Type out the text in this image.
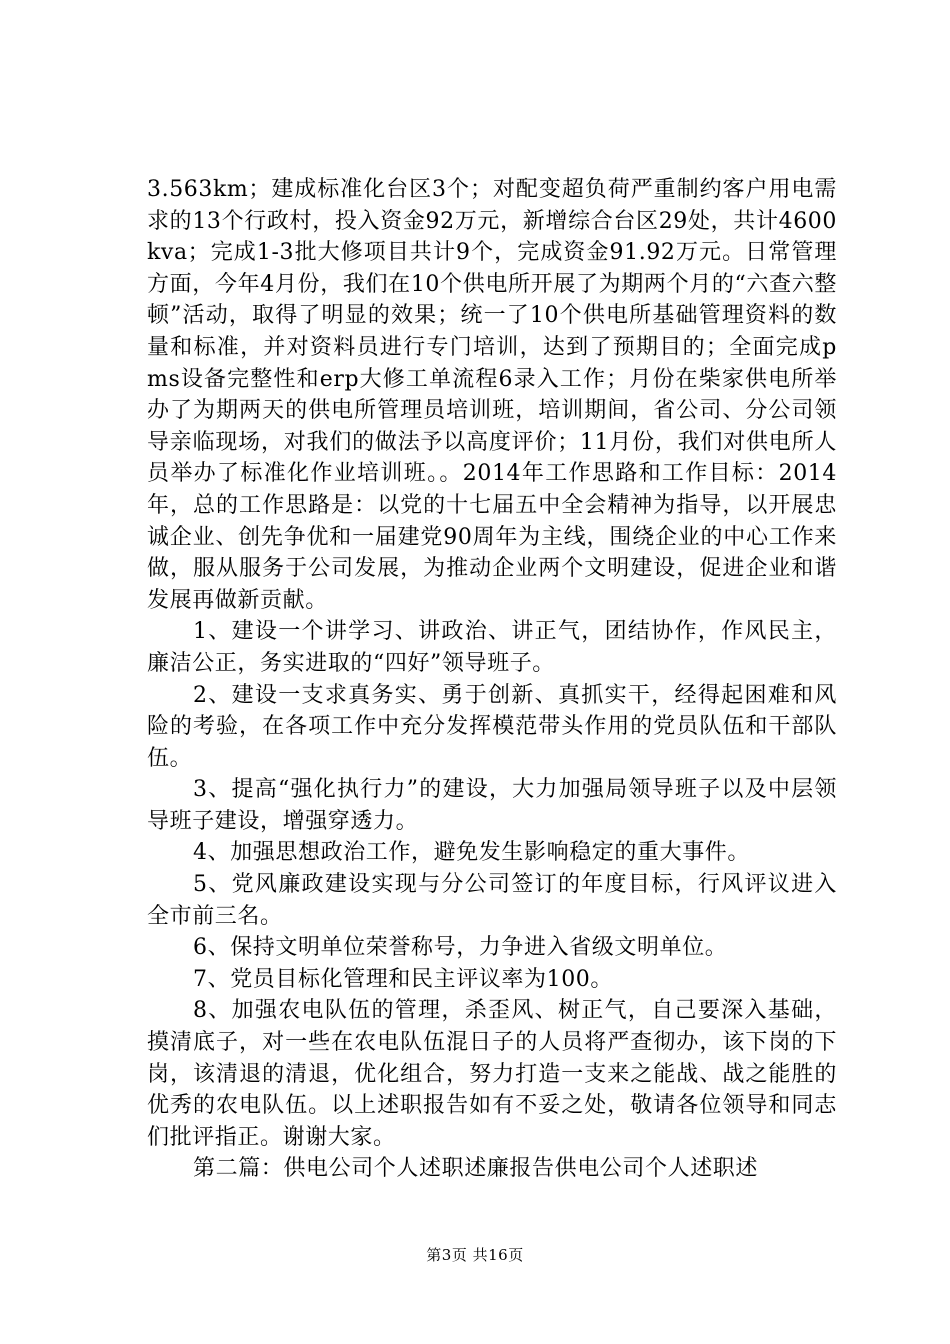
3.563km；建成标准化台区3个；对配变超负荷严重制约客户用电需求的13个行政村，投入资金92万元，新增综合台区29处，共计4600kva；完成1-3批大修项目共计9个，完成资金91.92万元。日常管理方面，今年4月份，我们在10个供电所开展了为期两个月的“六查六整顿”活动，取得了明显的效果；统一了10个供电所基础管理资料的数量和标准，并对资料员进行专门培训，达到了预期目的；全面完成pms设备完整性和erp大修工单流程6录入工作；月份在柴家供电所举办了为期两天的供电所管理员培训班，培训期间，省公司、分公司领导亲临现场，对我们的做法予以高度评价；11月份，我们对供电所人员举办了标准化作业培训班。。2014年工作思路和工作目标：2014年，总的工作思路是：以党的十七届五中全会精神为指导，以开展忠诚企业、创先争优和一届建党90周年为主线，围绕企业的中心工作来做，服从服务于公司发展，为推动企业两个文明建设，促进企业和谐发展再做新贡献。

1、建设一个讲学习、讲政治、讲正气，团结协作，作风民主，廉洁公正，务实进取的“四好”领导班子。

2、建设一支求真务实、勇于创新、真抓实干，经得起困难和风险的考验，在各项工作中充分发挥模范带头作用的党员队伍和干部队伍。

3、提高“强化执行力”的建设，大力加强局领导班子以及中层领导班子建设，增强穿透力。

4、加强思想政治工作，避免发生影响稳定的重大事件。

5、党风廉政建设实现与分公司签订的年度目标，行风评议进入全市前三名。

6、保持文明单位荣誉称号，力争进入省级文明单位。

7、党员目标化管理和民主评议率为100。

8、加强农电队伍的管理，杀歪风、树正气，自己要深入基础，摸清底子，对一些在农电队伍混日子的人员将严查彻办，该下岗的下岗，该清退的清退，优化组合，努力打造一支来之能战、战之能胜的优秀的农电队伍。以上述职报告如有不妥之处，敬请各位领导和同志们批评指正。谢谢大家。

第二篇：供电公司个人述职述廉报告供电公司个人述职述

第3页 共16页
